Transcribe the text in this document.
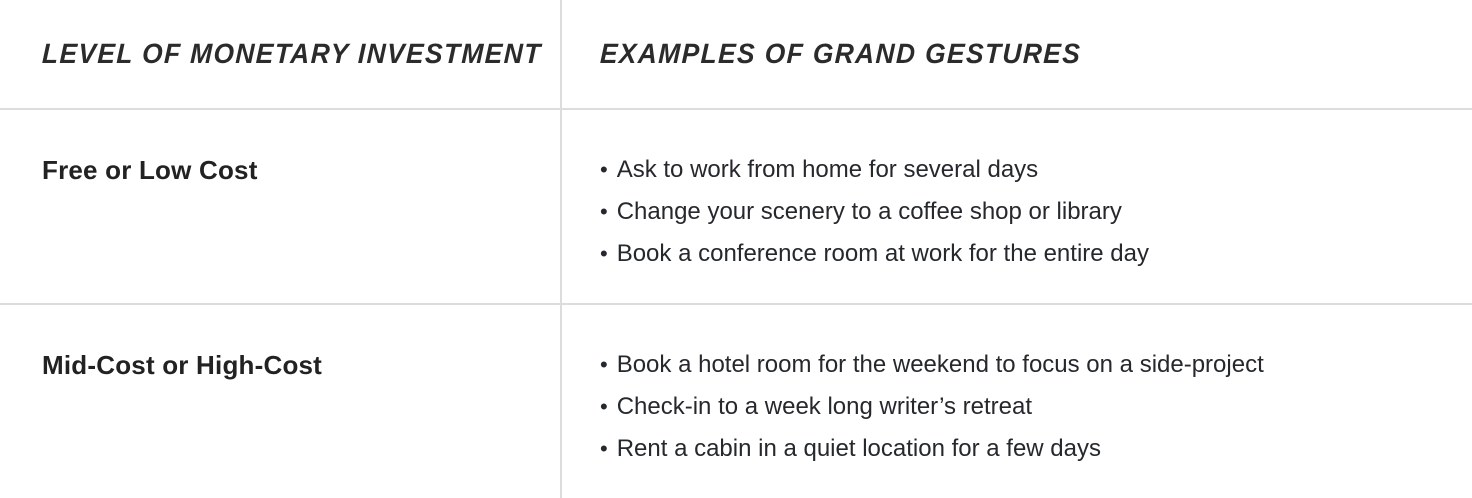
LEVEL OF MONETARY INVESTMENT EXAMPLES OF GRAND GESTURES
Free or Low Cost	• Ask to work from home for several days
• Change your scenery to a coffee shop or library
• Book a conference room at work for the entire day
Mid-Cost or High-Cost	• Book a hotel room for the weekend to focus on a side-project
• Check-in to a week long writer’s retreat
• Rent a cabin in a quiet location for a few days
